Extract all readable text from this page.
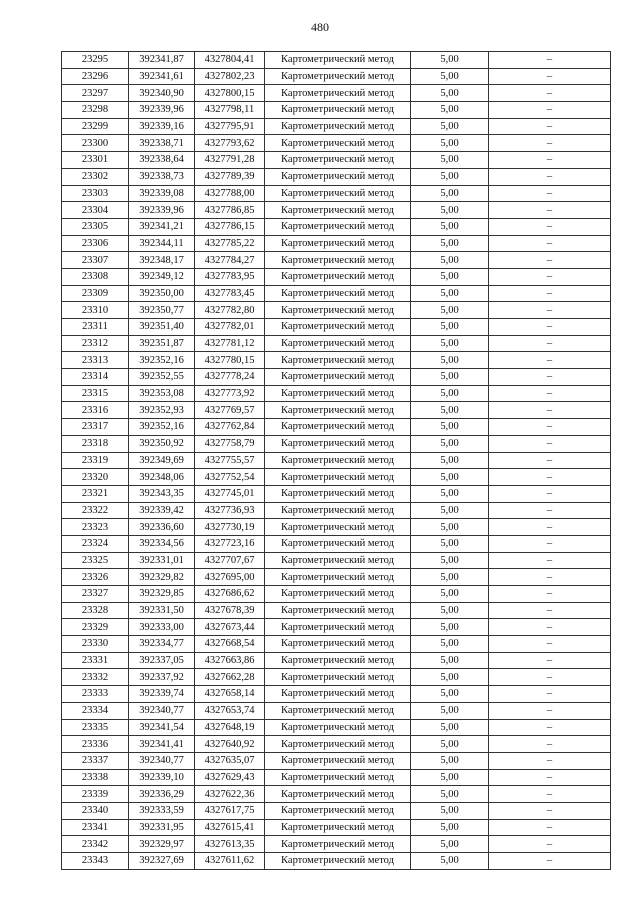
480
23295	392341,87	4327804,41	Картометрический метод	5,00	–
23296	392341,61	4327802,23	Картометрический метод	5,00	–
23297	392340,90	4327800,15	Картометрический метод	5,00	–
23298	392339,96	4327798,11	Картометрический метод	5,00	–
23299	392339,16	4327795,91	Картометрический метод	5,00	–
23300	392338,71	4327793,62	Картометрический метод	5,00	–
23301	392338,64	4327791,28	Картометрический метод	5,00	–
23302	392338,73	4327789,39	Картометрический метод	5,00	–
23303	392339,08	4327788,00	Картометрический метод	5,00	–
23304	392339,96	4327786,85	Картометрический метод	5,00	–
23305	392341,21	4327786,15	Картометрический метод	5,00	–
23306	392344,11	4327785,22	Картометрический метод	5,00	–
23307	392348,17	4327784,27	Картометрический метод	5,00	–
23308	392349,12	4327783,95	Картометрический метод	5,00	–
23309	392350,00	4327783,45	Картометрический метод	5,00	–
23310	392350,77	4327782,80	Картометрический метод	5,00	–
23311	392351,40	4327782,01	Картометрический метод	5,00	–
23312	392351,87	4327781,12	Картометрический метод	5,00	–
23313	392352,16	4327780,15	Картометрический метод	5,00	–
23314	392352,55	4327778,24	Картометрический метод	5,00	–
23315	392353,08	4327773,92	Картометрический метод	5,00	–
23316	392352,93	4327769,57	Картометрический метод	5,00	–
23317	392352,16	4327762,84	Картометрический метод	5,00	–
23318	392350,92	4327758,79	Картометрический метод	5,00	–
23319	392349,69	4327755,57	Картометрический метод	5,00	–
23320	392348,06	4327752,54	Картометрический метод	5,00	–
23321	392343,35	4327745,01	Картометрический метод	5,00	–
23322	392339,42	4327736,93	Картометрический метод	5,00	–
23323	392336,60	4327730,19	Картометрический метод	5,00	–
23324	392334,56	4327723,16	Картометрический метод	5,00	–
23325	392331,01	4327707,67	Картометрический метод	5,00	–
23326	392329,82	4327695,00	Картометрический метод	5,00	–
23327	392329,85	4327686,62	Картометрический метод	5,00	–
23328	392331,50	4327678,39	Картометрический метод	5,00	–
23329	392333,00	4327673,44	Картометрический метод	5,00	–
23330	392334,77	4327668,54	Картометрический метод	5,00	–
23331	392337,05	4327663,86	Картометрический метод	5,00	–
23332	392337,92	4327662,28	Картометрический метод	5,00	–
23333	392339,74	4327658,14	Картометрический метод	5,00	–
23334	392340,77	4327653,74	Картометрический метод	5,00	–
23335	392341,54	4327648,19	Картометрический метод	5,00	–
23336	392341,41	4327640,92	Картометрический метод	5,00	–
23337	392340,77	4327635,07	Картометрический метод	5,00	–
23338	392339,10	4327629,43	Картометрический метод	5,00	–
23339	392336,29	4327622,36	Картометрический метод	5,00	–
23340	392333,59	4327617,75	Картометрический метод	5,00	–
23341	392331,95	4327615,41	Картометрический метод	5,00	–
23342	392329,97	4327613,35	Картометрический метод	5,00	–
23343	392327,69	4327611,62	Картометрический метод	5,00	–
